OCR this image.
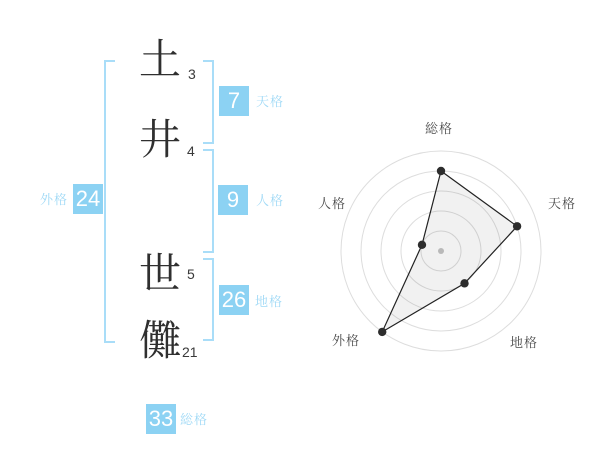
土
井
世
儺
3
4
5
21
7	天格
9	人格
26 地格
24
外格
33 総格
総格
天格
地格
外格
人格
